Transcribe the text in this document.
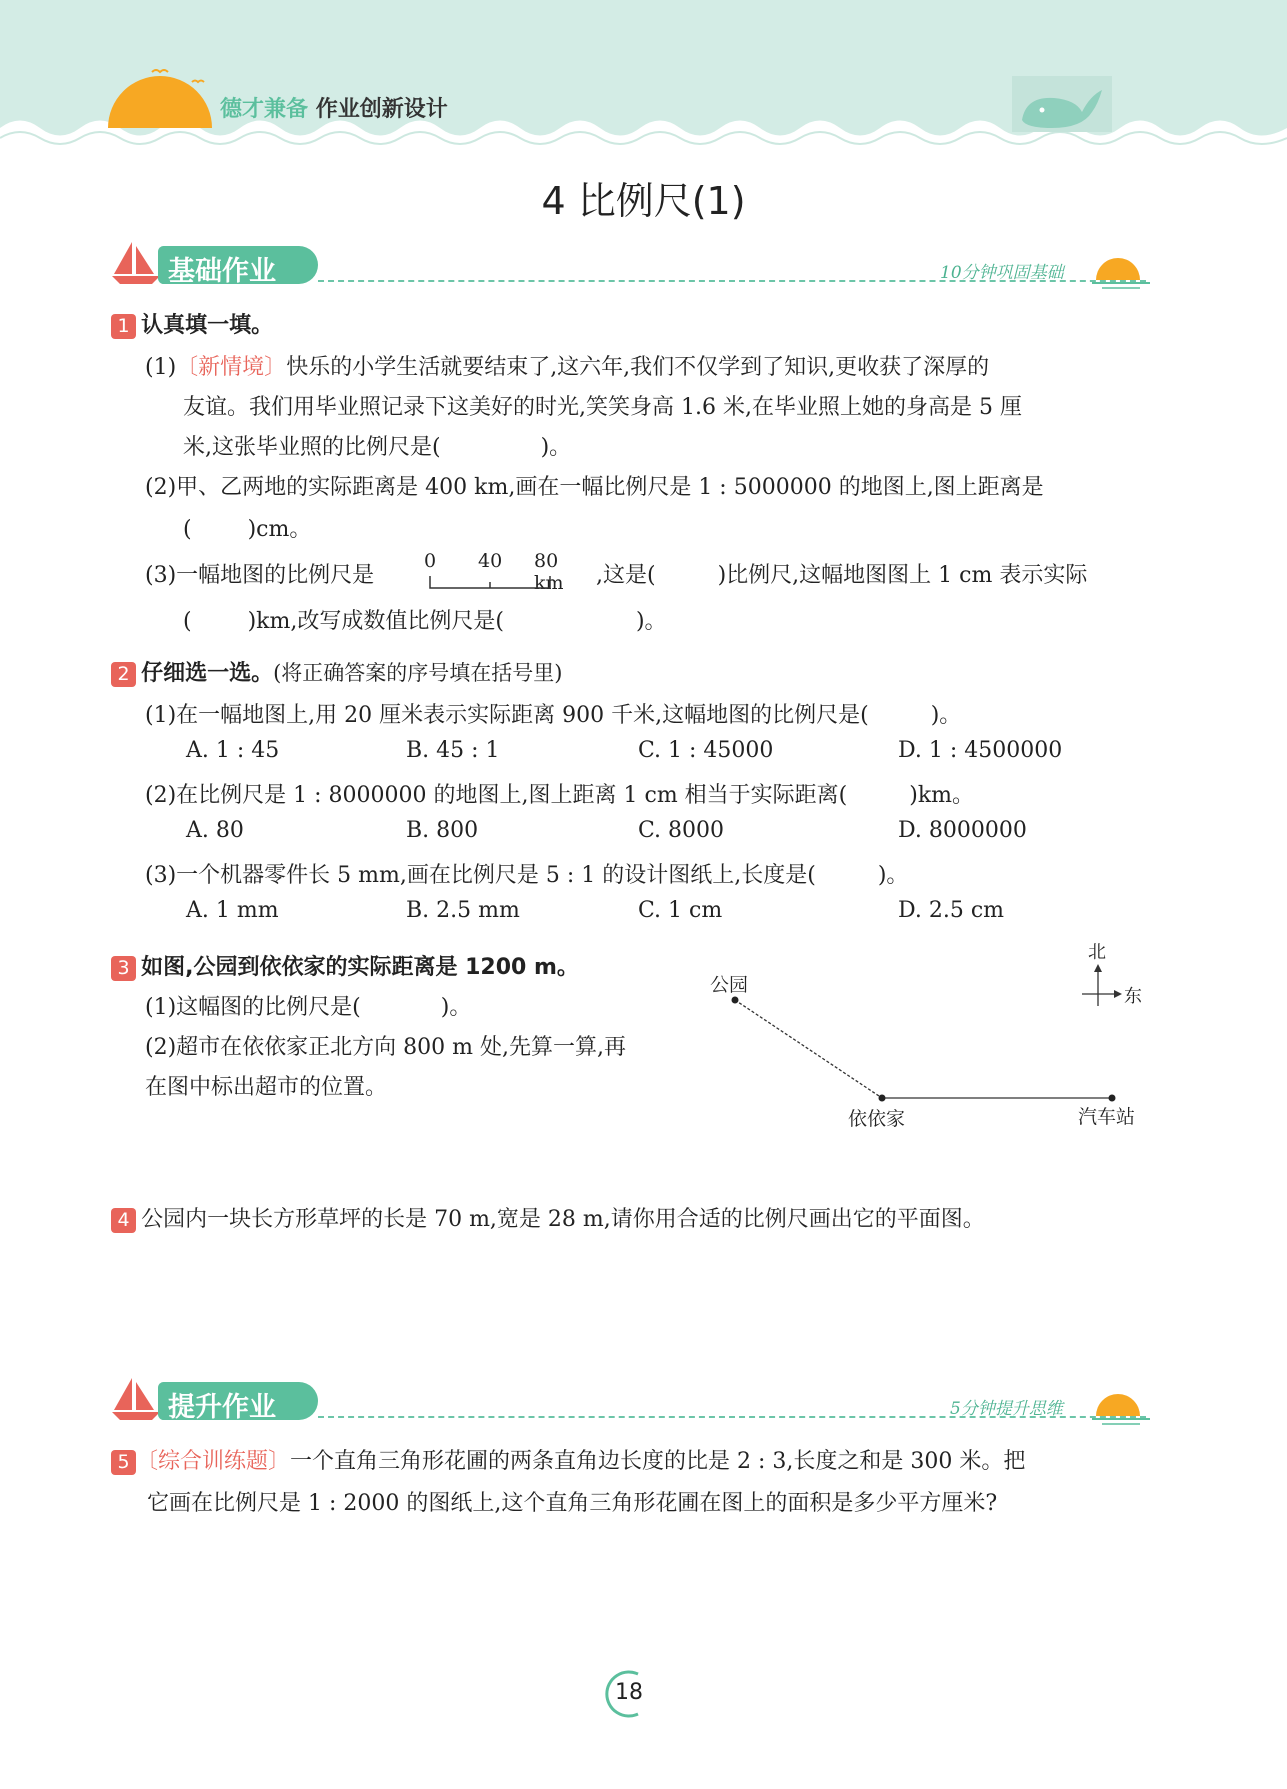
德才兼备 作业创新设计
4 比例尺(1)
基础作业	10分钟巩固基础
1 认真填一填。
(1)〔新情境〕快乐的小学生活就要结束了,这六年,我们不仅学到了知识,更收获了深厚的
友谊。我们用毕业照记录下这美好的时光,笑笑身高 1.6 米,在毕业照上她的身高是 5 厘
米,这张毕业照的比例尺是(	)。
(2)甲、乙两地的实际距离是 400 km,画在一幅比例尺是 1 : 5000000 的地图上,图上距离是
(	)cm。
(3)一幅地图的比例尺是
0 40 80 km	,这是(	)比例尺,这幅地图图上 1 cm 表示实际
(	)km,改写成数值比例尺是(	)。
2 仔细选一选。(将正确答案的序号填在括号里)
(1)在一幅地图上,用 20 厘米表示实际距离 900 千米,这幅地图的比例尺是(	)。
A. 1 : 45	B. 45 : 1	C. 1 : 45000	D. 1 : 4500000
(2)在比例尺是 1 : 8000000 的地图上,图上距离 1 cm 相当于实际距离(	)km。
A. 80	B. 800	C. 8000	D. 8000000
(3)一个机器零件长 5 mm,画在比例尺是 5 : 1 的设计图纸上,长度是(	)。
A. 1 mm	B. 2.5 mm	C. 1 cm	D. 2.5 cm
3 如图,公园到依依家的实际距离是 1200 m。
(1)这幅图的比例尺是(	)。
(2)超市在依依家正北方向 800 m 处,先算一算,再
在图中标出超市的位置。
公园
依依家	汽车站
北
东
4 公园内一块长方形草坪的长是 70 m,宽是 28 m,请你用合适的比例尺画出它的平面图。
提升作业	5分钟提升思维
5 〔综合训练题〕一个直角三角形花圃的两条直角边长度的比是 2 : 3,长度之和是 300 米。把
它画在比例尺是 1 : 2000 的图纸上,这个直角三角形花圃在图上的面积是多少平方厘米?
18
